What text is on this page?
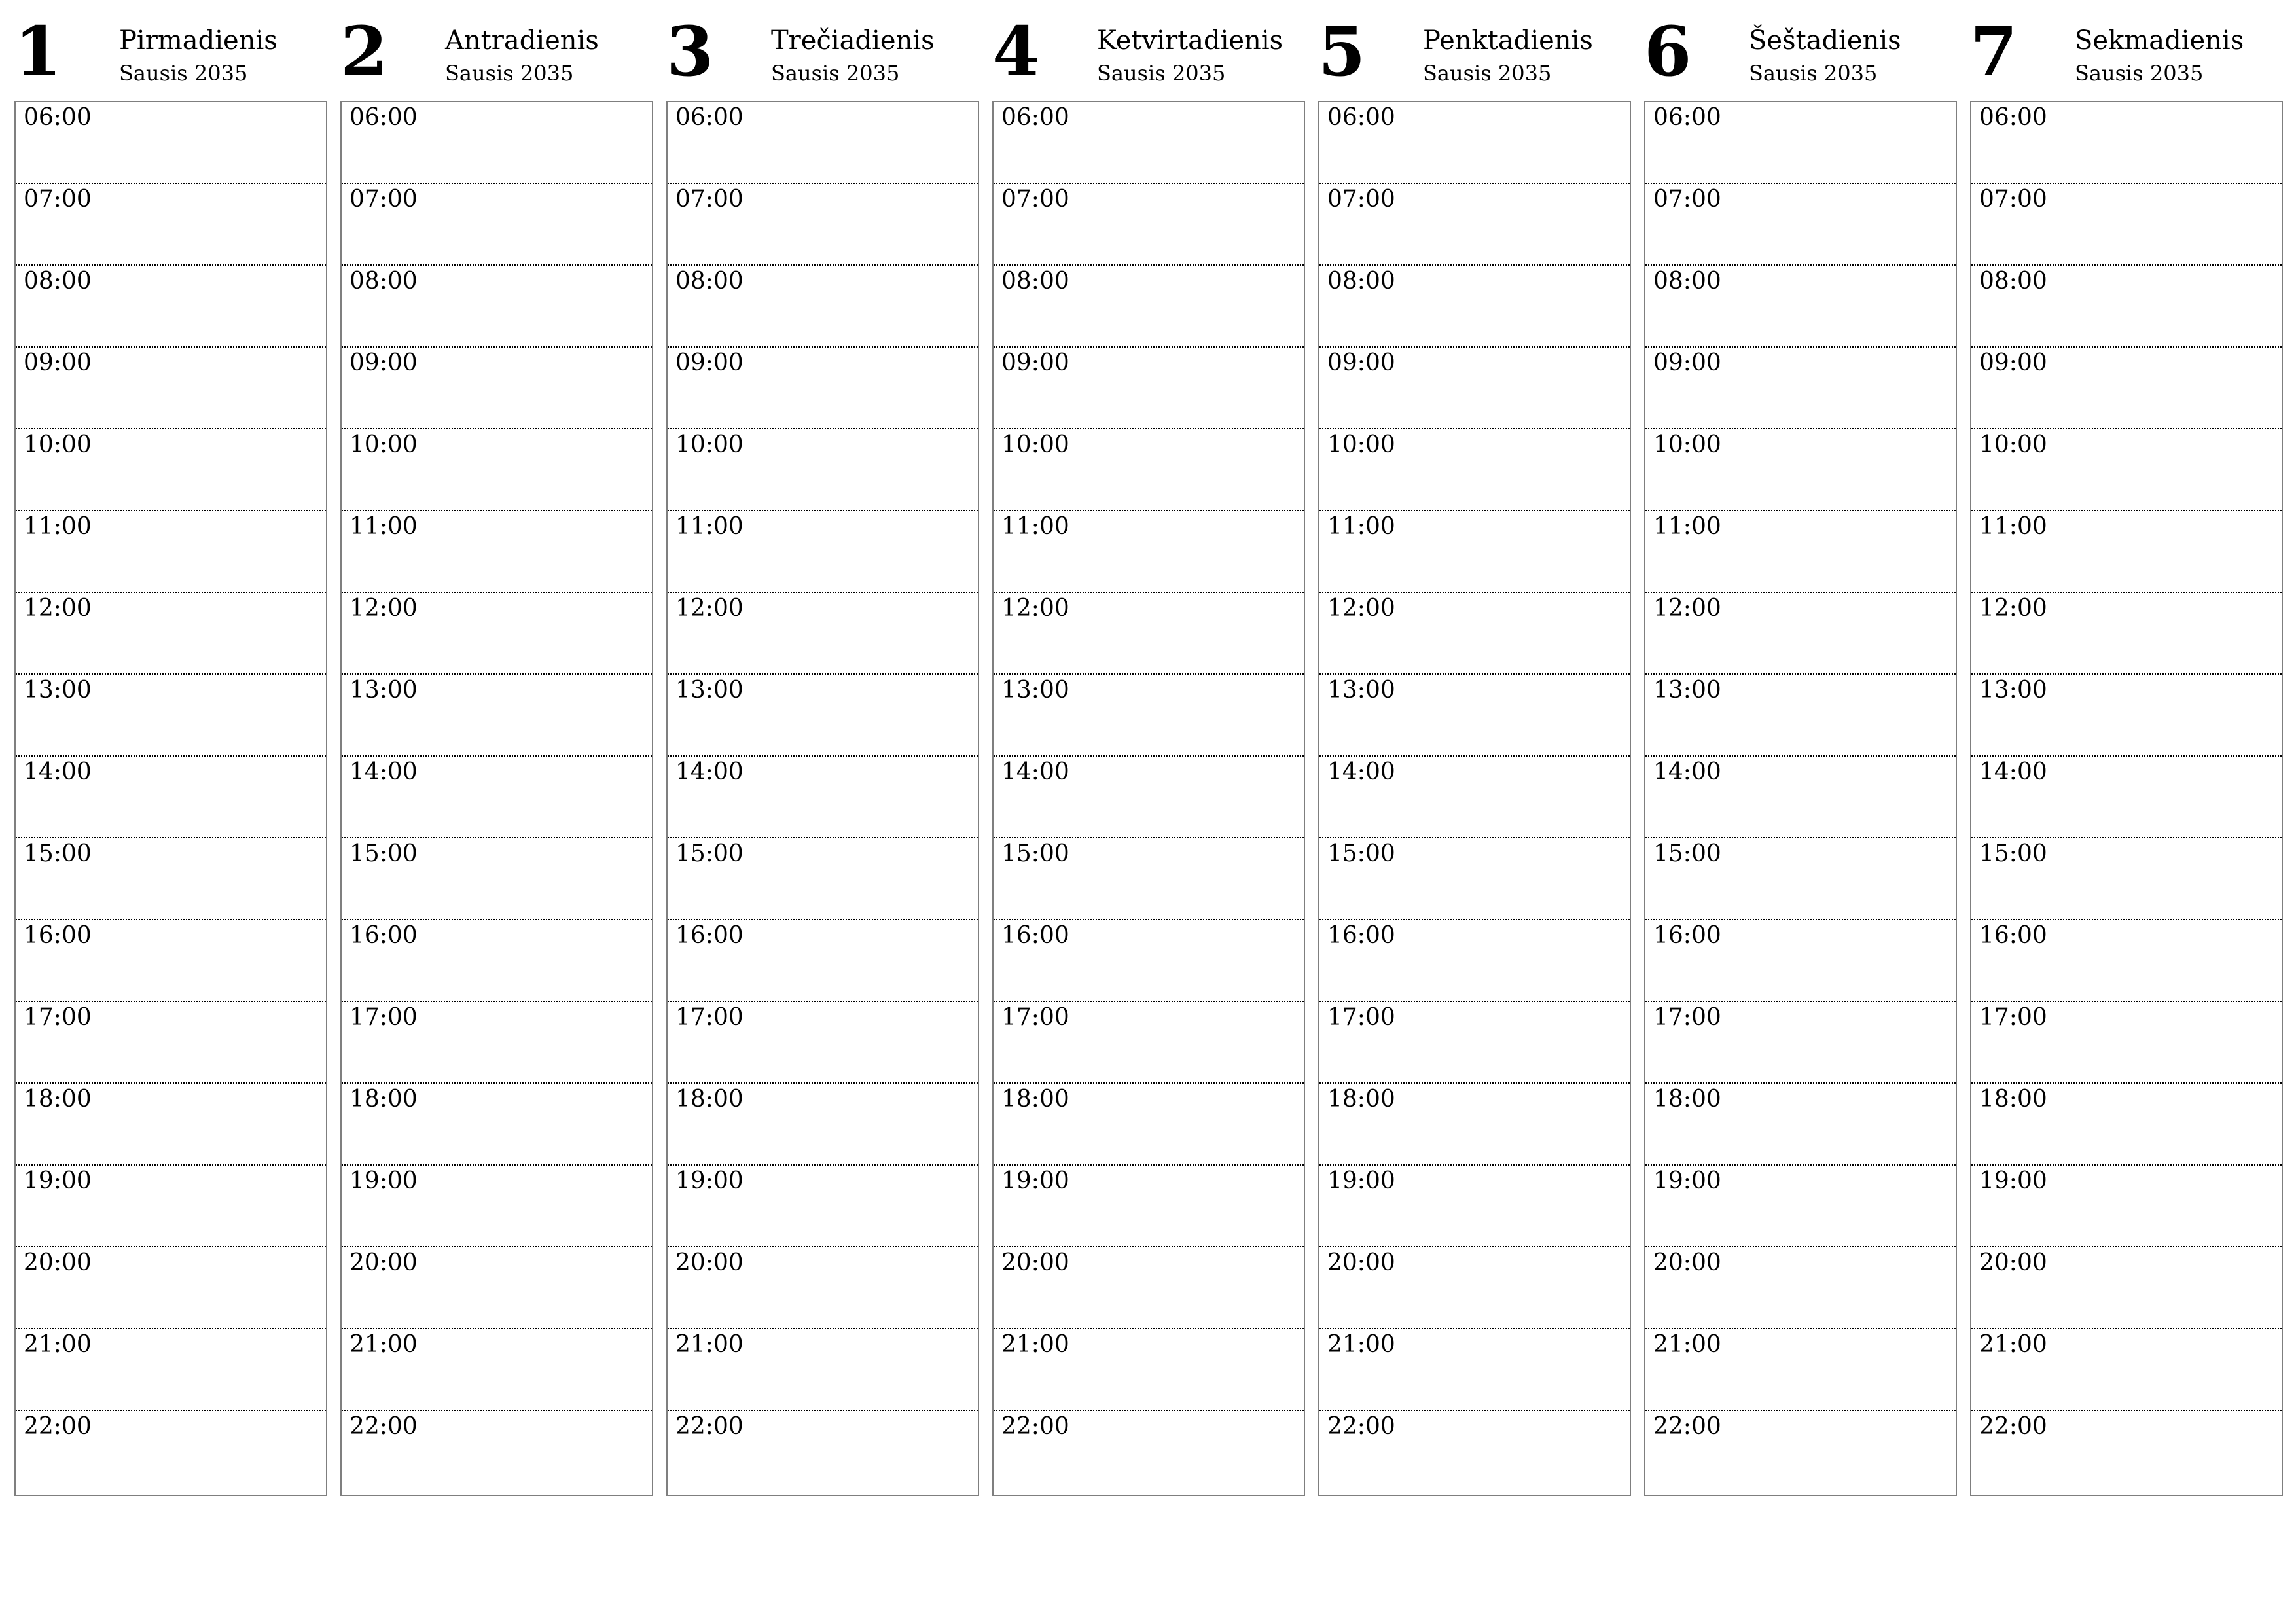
1 Pirmadienis
Sausis 2035
06:00
07:00
08:00
09:00
10:00
11:00
12:00
13:00
14:00
15:00
16:00
17:00
18:00
19:00
20:00
21:00
22:00
2 Antradienis
Sausis 2035
06:00
07:00
08:00
09:00
10:00
11:00
12:00
13:00
14:00
15:00
16:00
17:00
18:00
19:00
20:00
21:00
22:00
3 Trečiadienis
Sausis 2035
06:00
07:00
08:00
09:00
10:00
11:00
12:00
13:00
14:00
15:00
16:00
17:00
18:00
19:00
20:00
21:00
22:00
4 Ketvirtadienis
Sausis 2035
06:00
07:00
08:00
09:00
10:00
11:00
12:00
13:00
14:00
15:00
16:00
17:00
18:00
19:00
20:00
21:00
22:00
5 Penktadienis
Sausis 2035
06:00
07:00
08:00
09:00
10:00
11:00
12:00
13:00
14:00
15:00
16:00
17:00
18:00
19:00
20:00
21:00
22:00
6 Šeštadienis
Sausis 2035
06:00
07:00
08:00
09:00
10:00
11:00
12:00
13:00
14:00
15:00
16:00
17:00
18:00
19:00
20:00
21:00
22:00
7 Sekmadienis
Sausis 2035
06:00
07:00
08:00
09:00
10:00
11:00
12:00
13:00
14:00
15:00
16:00
17:00
18:00
19:00
20:00
21:00
22:00
